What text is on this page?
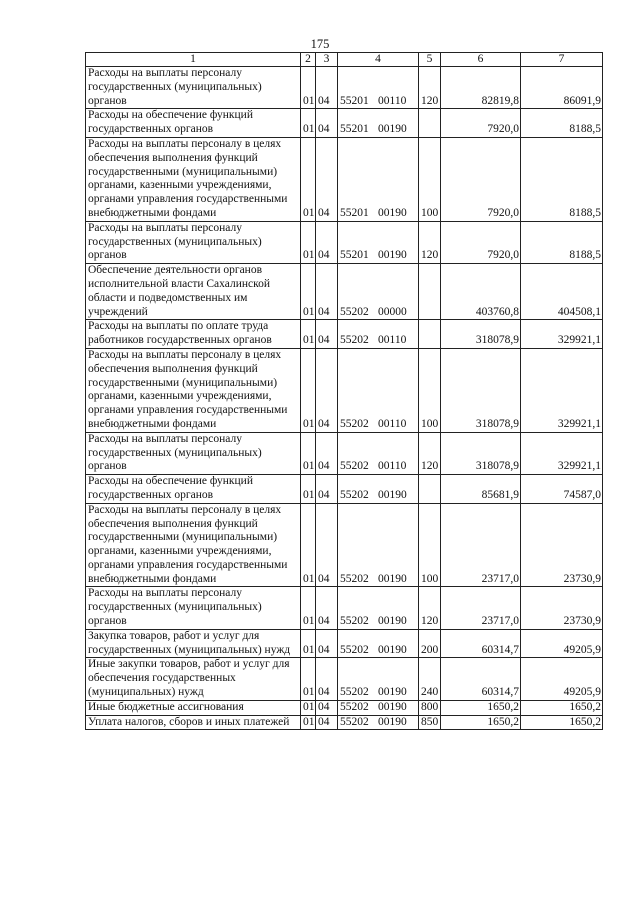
175
1	2	3	4	5	6	7
Расходы на выплаты персоналу государственных (муниципальных) органов	01	04	55201 00110	120	82819,8	86091,9
Расходы на обеспечение функций государственных органов	01	04	55201 00190		7920,0	8188,5
Расходы на выплаты персоналу в целях обеспечения выполнения функций государственными (муниципальными) органами, казенными учреждениями, органами управления государственными внебюджетными фондами	01	04	55201 00190	100	7920,0	8188,5
Расходы на выплаты персоналу государственных (муниципальных) органов	01	04	55201 00190	120	7920,0	8188,5
Обеспечение деятельности органов исполнительной власти Сахалинской области и подведомственных им учреждений	01	04	55202 00000		403760,8	404508,1
Расходы на выплаты по оплате труда работников государственных органов	01	04	55202 00110		318078,9	329921,1
Расходы на выплаты персоналу в целях обеспечения выполнения функций государственными (муниципальными) органами, казенными учреждениями, органами управления государственными внебюджетными фондами	01	04	55202 00110	100	318078,9	329921,1
Расходы на выплаты персоналу государственных (муниципальных) органов	01	04	55202 00110	120	318078,9	329921,1
Расходы на обеспечение функций государственных органов	01	04	55202 00190		85681,9	74587,0
Расходы на выплаты персоналу в целях обеспечения выполнения функций государственными (муниципальными) органами, казенными учреждениями, органами управления государственными внебюджетными фондами	01	04	55202 00190	100	23717,0	23730,9
Расходы на выплаты персоналу государственных (муниципальных) органов	01	04	55202 00190	120	23717,0	23730,9
Закупка товаров, работ и услуг для государственных (муниципальных) нужд	01	04	55202 00190	200	60314,7	49205,9
Иные закупки товаров, работ и услуг для обеспечения государственных (муниципальных) нужд	01	04	55202 00190	240	60314,7	49205,9
Иные бюджетные ассигнования	01	04	55202 00190	800	1650,2	1650,2
Уплата налогов, сборов и иных платежей	01	04	55202 00190	850	1650,2	1650,2
